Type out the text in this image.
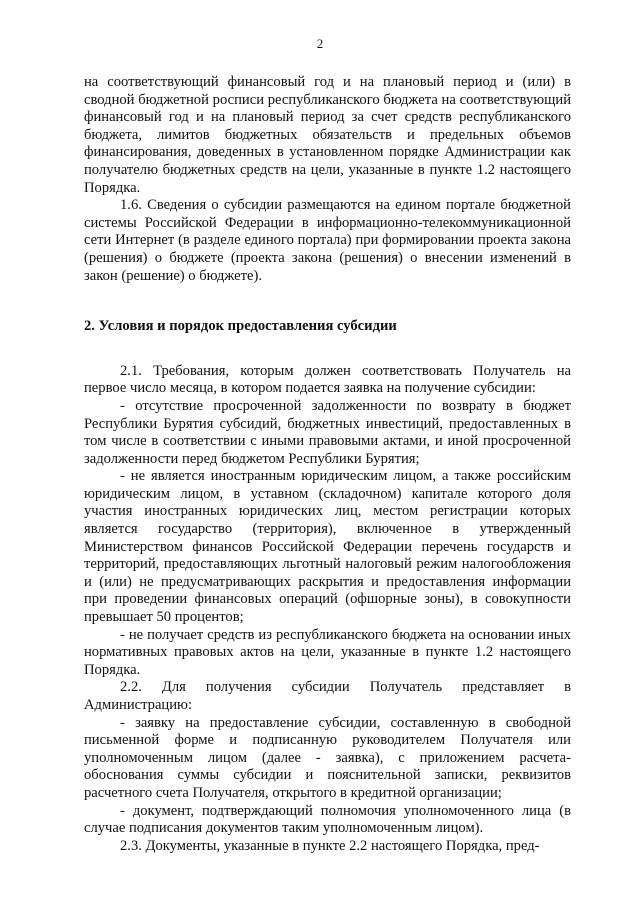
2

на соответствующий финансовый год и на плановый период и (или) в сводной бюджетной росписи республиканского бюджета на соответствующий финансовый год и на плановый период за счет средств республиканского бюджета, лимитов бюджетных обязательств и предельных объемов финансирования, доведенных в установленном порядке Администрации как получателю бюджетных средств на цели, указанные в пункте 1.2 настоящего Порядка.

1.6. Сведения о субсидии размещаются на едином портале бюджетной системы Российской Федерации в информационно-телекоммуникационной сети Интернет (в разделе единого портала) при формировании проекта закона (решения) о бюджете (проекта закона (решения) о внесении изменений в закон (решение) о бюджете).

2. Условия и порядок предоставления субсидии

2.1. Требования, которым должен соответствовать Получатель на первое число месяца, в котором подается заявка на получение субсидии:

- отсутствие просроченной задолженности по возврату в бюджет Республики Бурятия субсидий, бюджетных инвестиций, предоставленных в том числе в соответствии с иными правовыми актами, и иной просроченной задолженности перед бюджетом Республики Бурятия;

- не является иностранным юридическим лицом, а также российским юридическим лицом, в уставном (складочном) капитале которого доля участия иностранных юридических лиц, местом регистрации которых является государство (территория), включенное в утвержденный Министерством финансов Российской Федерации перечень государств и территорий, предоставляющих льготный налоговый режим налогообложения и (или) не предусматривающих раскрытия и предоставления информации при проведении финансовых операций (офшорные зоны), в совокупности превышает 50 процентов;

- не получает средств из республиканского бюджета на основании иных нормативных правовых актов на цели, указанные в пункте 1.2 настоящего Порядка.

2.2. Для получения субсидии Получатель представляет в Администрацию:

- заявку на предоставление субсидии, составленную в свободной письменной форме и подписанную руководителем Получателя или уполномоченным лицом (далее - заявка), с приложением расчета-обоснования суммы субсидии и пояснительной записки, реквизитов расчетного счета Получателя, открытого в кредитной организации;

- документ, подтверждающий полномочия уполномоченного лица (в случае подписания документов таким уполномоченным лицом).

2.3. Документы, указанные в пункте 2.2 настоящего Порядка, пред-
